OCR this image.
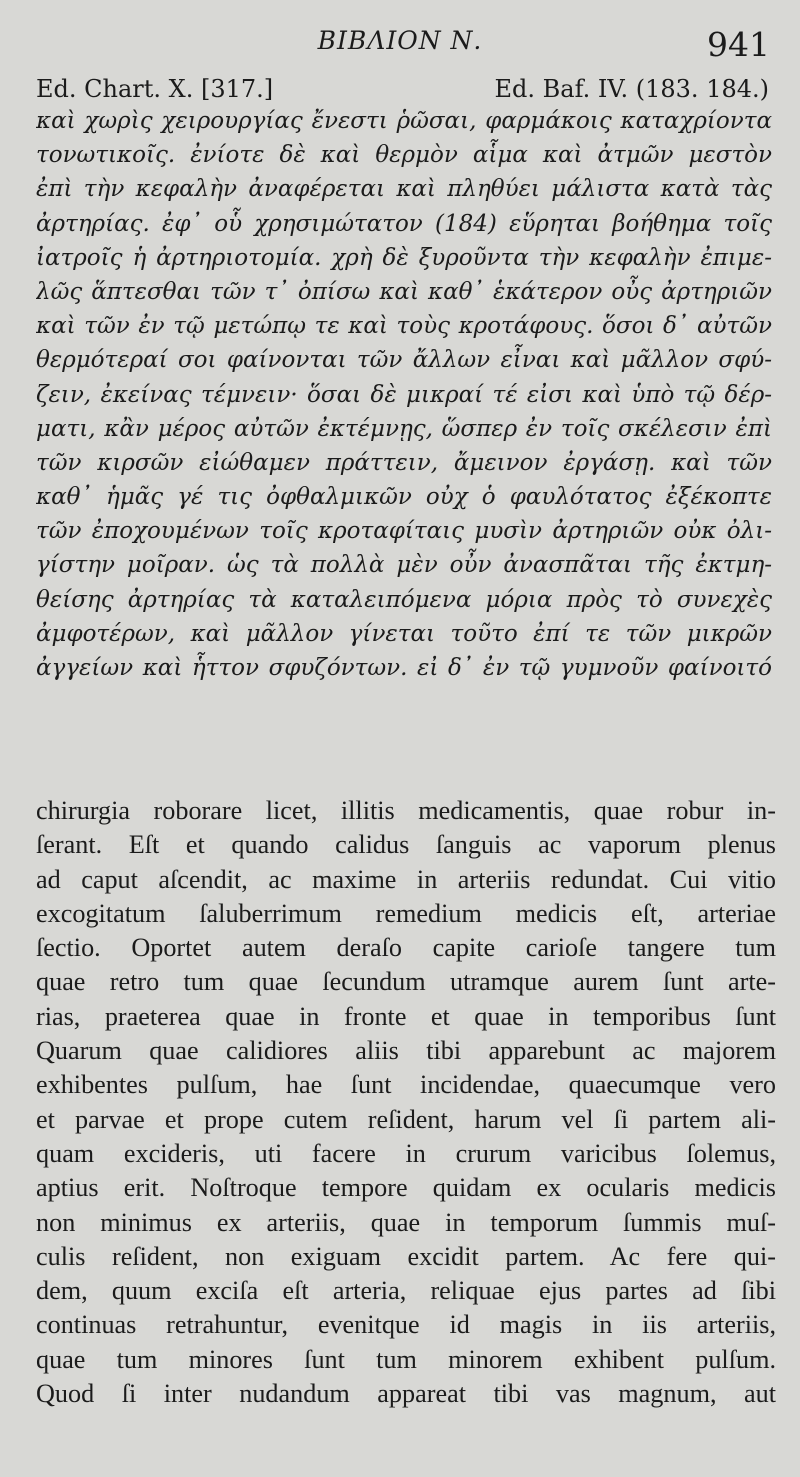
BIBΛΙΟΝ Ν.	941
Ed. Chart. X. [317.]	Ed. Baf. IV. (183. 184.)
καὶ χωρὶς χειρουργίας ἔνεστι ῥῶσαι, φαρμάκοις καταχρίοντα
τονωτικοῖς. ἐνίοτε δὲ καὶ θερμὸν αἷμα καὶ ἀτμῶν μεστὸν
ἐπὶ τὴν κεφαλὴν ἀναφέρεται καὶ πληθύει μάλιστα κατὰ τὰς
ἀρτηρίας. ἐφ᾽ οὗ χρησιμώτατον (184) εὕρηται βοήθημα τοῖς
ἰατροῖς ἡ ἀρτηριοτομία. χρὴ δὲ ξυροῦντα τὴν κεφαλὴν ἐπιμε-
λῶς ἅπτεσθαι τῶν τ᾽ ὀπίσω καὶ καθ᾽ ἑκάτερον οὖς ἀρτηριῶν
καὶ τῶν ἐν τῷ μετώπῳ τε καὶ τοὺς κροτάφους. ὅσοι δ᾽ αὐτῶν
θερμότεραί σοι φαίνονται τῶν ἄλλων εἶναι καὶ μᾶλλον σφύ-
ζειν, ἐκείνας τέμνειν· ὅσαι δὲ μικραί τέ εἰσι καὶ ὑπὸ τῷ δέρ-
ματι, κἂν μέρος αὐτῶν ἐκτέμνῃς, ὥσπερ ἐν τοῖς σκέλεσιν ἐπὶ
τῶν κιρσῶν εἰώθαμεν πράττειν, ἄμεινον ἐργάσῃ. καὶ τῶν
καθ᾽ ἡμᾶς γέ τις ὀφθαλμικῶν οὐχ ὁ φαυλότατος ἐξέκοπτε
τῶν ἐποχουμένων τοῖς κροταφίταις μυσὶν ἀρτηριῶν οὐκ ὀλι-
γίστην μοῖραν. ὡς τὰ πολλὰ μὲν οὖν ἀνασπᾶται τῆς ἐκτμη-
θείσης ἀρτηρίας τὰ καταλειπόμενα μόρια πρὸς τὸ συνεχὲς
ἀμφοτέρων, καὶ μᾶλλον γίνεται τοῦτο ἐπί τε τῶν μικρῶν
ἀγγείων καὶ ἧττον σφυζόντων. εἰ δ᾽ ἐν τῷ γυμνοῦν φαίνοιτό
chirurgia roborare licet, illitis medicamentis, quae robur in-
ſerant. Eſt et quando calidus ſanguis ac vaporum plenus
ad caput aſcendit, ac maxime in arteriis redundat. Cui vitio
excogitatum ſaluberrimum remedium medicis eſt, arteriae
ſectio. Oportet autem deraſo capite carioſe tangere tum
quae retro tum quae ſecundum utramque aurem ſunt arte-
rias, praeterea quae in fronte et quae in temporibus ſunt
Quarum quae calidiores aliis tibi apparebunt ac majorem
exhibentes pulſum, hae ſunt incidendae, quaecumque vero
et parvae et prope cutem reſident, harum vel ſi partem ali-
quam excideris, uti facere in crurum varicibus ſolemus,
aptius erit. Noſtroque tempore quidam ex ocularis medicis
non minimus ex arteriis, quae in temporum ſummis muſ-
culis reſident, non exiguam excidit partem. Ac fere qui-
dem, quum exciſa eſt arteria, reliquae ejus partes ad ſibi
continuas retrahuntur, evenitque id magis in iis arteriis,
quae tum minores ſunt tum minorem exhibent pulſum.
Quod ſi inter nudandum appareat tibi vas magnum, aut
